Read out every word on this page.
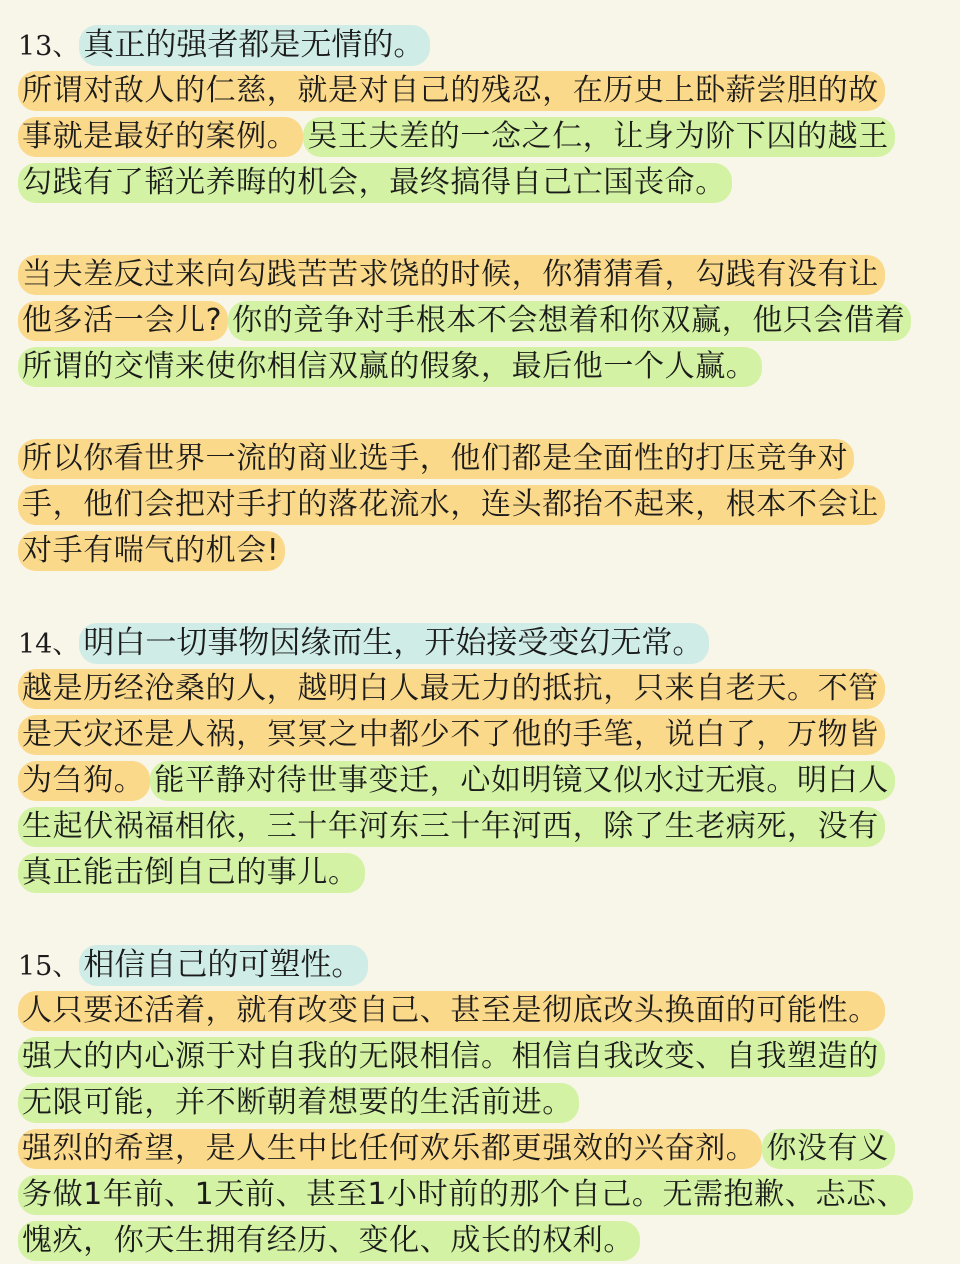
13、 真正的强者都是无情的。
所谓对敌人的仁慈，就是对自己的残忍，在历史上卧薪尝胆的故
事就是最好的案例。 吴王夫差的一念之仁，让身为阶下囚的越王
勾践有了韬光养晦的机会，最终搞得自己亡国丧命。
当夫差反过来向勾践苦苦求饶的时候，你猜猜看，勾践有没有让
他多活一会儿? 你的竞争对手根本不会想着和你双赢，他只会借着
所谓的交情来使你相信双赢的假象，最后他一个人赢。
所以你看世界一流的商业选手，他们都是全面性的打压竞争对
手，他们会把对手打的落花流水，连头都抬不起来，根本不会让
对手有喘气的机会!
14、 明白一切事物因缘而生，开始接受变幻无常。
越是历经沧桑的人，越明白人最无力的抵抗，只来自老天。不管
是天灾还是人祸，冥冥之中都少不了他的手笔，说白了，万物皆
为刍狗。 能平静对待世事变迁，心如明镜又似水过无痕。明白人
生起伏祸福相依，三十年河东三十年河西，除了生老病死，没有
真正能击倒自己的事儿。
15、 相信自己的可塑性。
人只要还活着，就有改变自己、甚至是彻底改头换面的可能性。
强大的内心源于对自我的无限相信。相信自我改变、自我塑造的
无限可能，并不断朝着想要的生活前进。
强烈的希望，是人生中比任何欢乐都更强效的兴奋剂。 你没有义
务做1年前、1天前、甚至1小时前的那个自己。无需抱歉、忐忑、
愧疚，你天生拥有经历、变化、成长的权利。
